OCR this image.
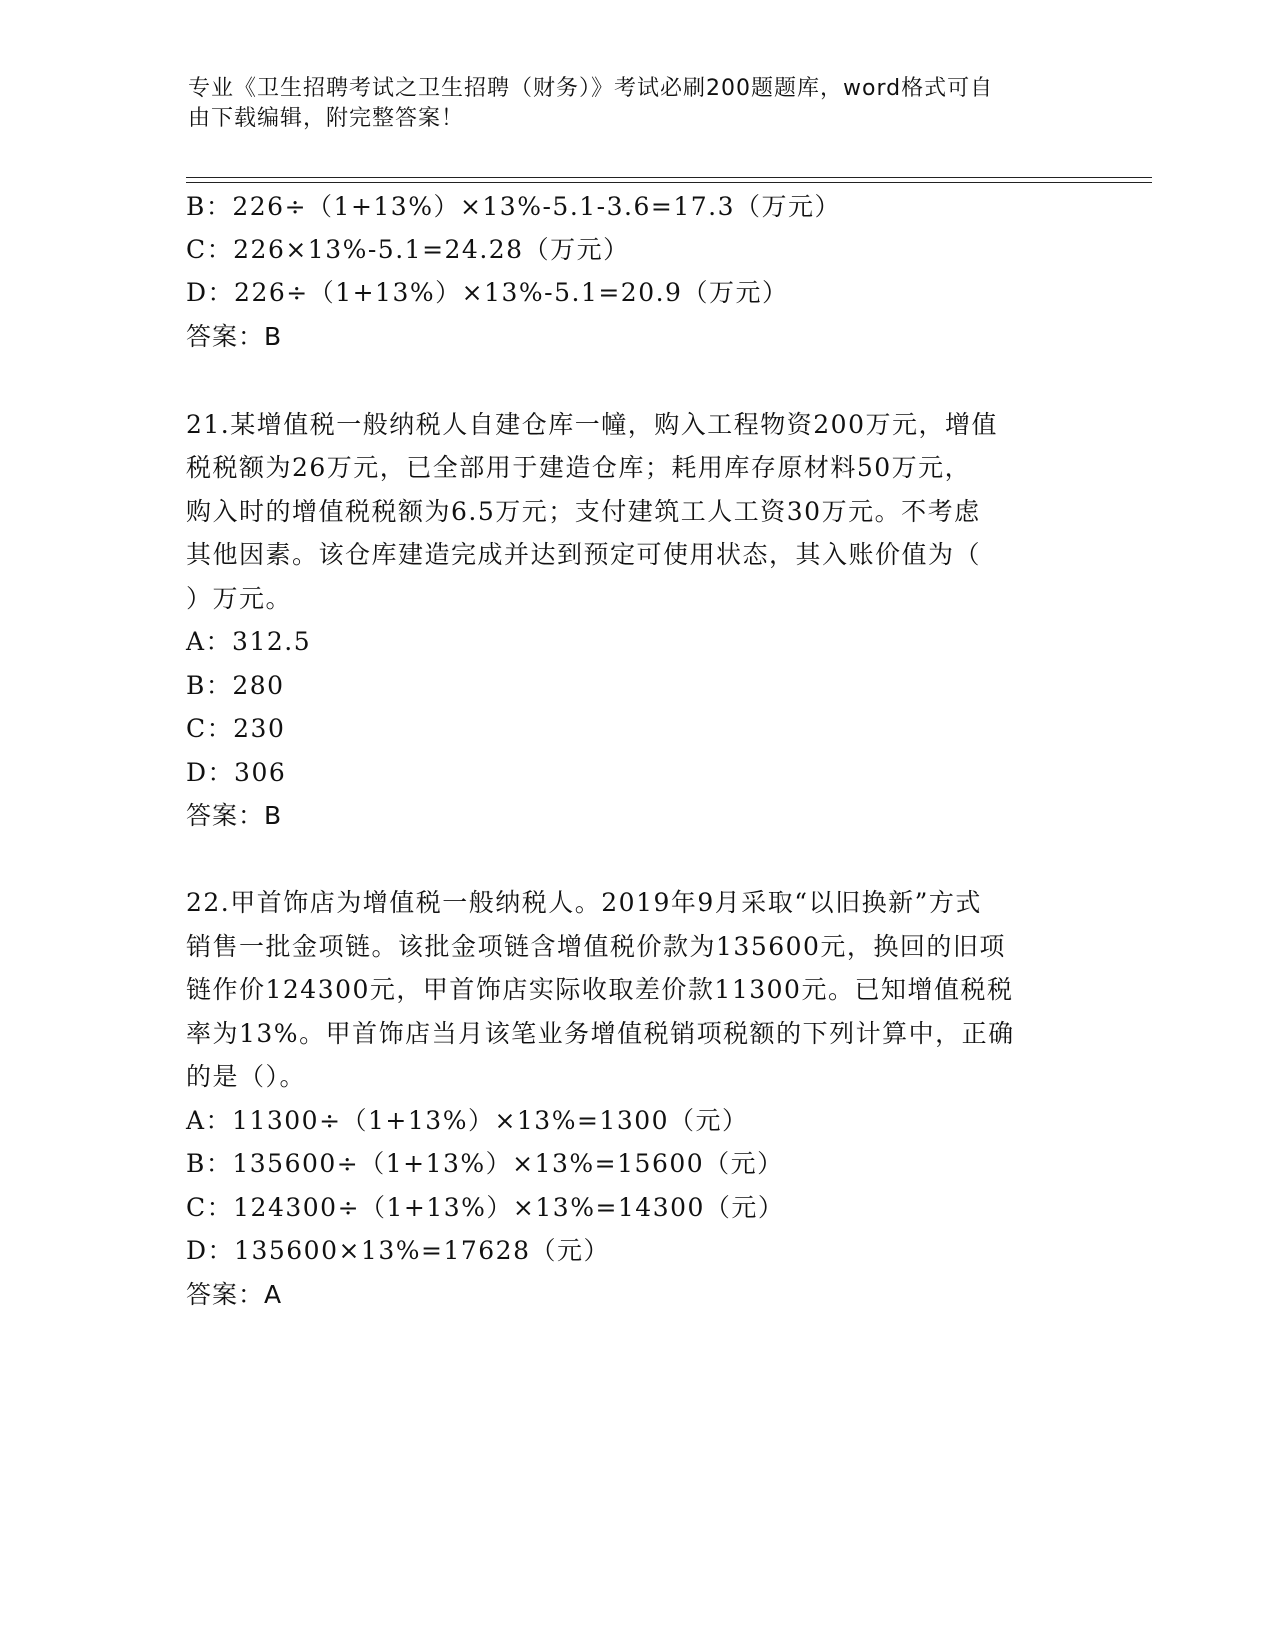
专业《卫生招聘考试之卫生招聘（财务）》考试必刷200题题库，word格式可自
由下载编辑，附完整答案！
B：226÷（1+13%）×13%-5.1-3.6=17.3（万元）
C：226×13%-5.1=24.28（万元）
D：226÷（1+13%）×13%-5.1=20.9（万元）
答案：B
21.某增值税一般纳税人自建仓库一幢，购入工程物资200万元，增值
税税额为26万元，已全部用于建造仓库；耗用库存原材料50万元，
购入时的增值税税额为6.5万元；支付建筑工人工资30万元。不考虑
其他因素。该仓库建造完成并达到预定可使用状态，其入账价值为（
）万元。
A：312.5
B：280
C：230
D：306
答案：B
22.甲首饰店为增值税一般纳税人。2019年9月采取“以旧换新”方式
销售一批金项链。该批金项链含增值税价款为135600元，换回的旧项
链作价124300元，甲首饰店实际收取差价款11300元。已知增值税税
率为13%。甲首饰店当月该笔业务增值税销项税额的下列计算中，正确
的是（）。
A：11300÷（1+13%）×13%=1300（元）
B：135600÷（1+13%）×13%=15600（元）
C：124300÷（1+13%）×13%=14300（元）
D：135600×13%=17628（元）
答案：A
